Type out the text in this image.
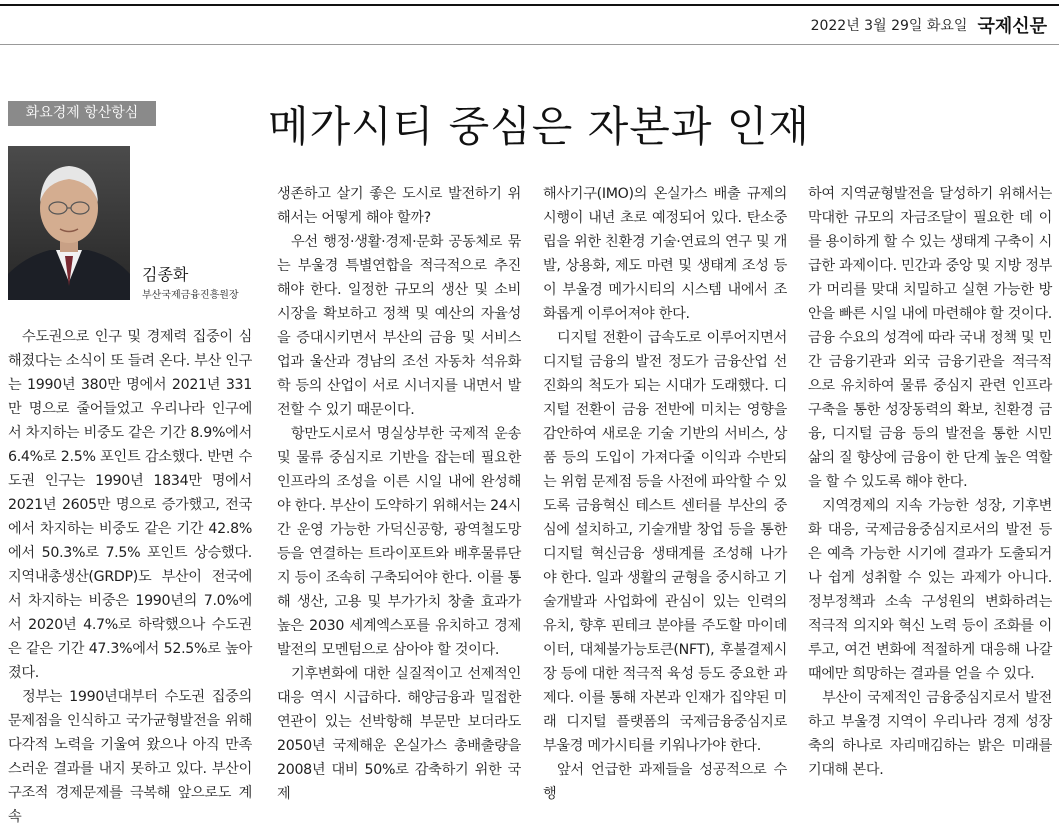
2022년 3월 29일 화요일 국제신문
화요경제 항산항심	메가시티 중심은 자본과 인재
김종화
부산국제금융진흥원장

수도권으로 인구 및 경제력 집중이 심해졌다는 소식이 또 들려 온다. 부산 인구는 1990년 380만 명에서 2021년 331만 명으로 줄어들었고 우리나라 인구에서 차지하는 비중도 같은 기간 8.9%에서 6.4%로 2.5% 포인트 감소했다. 반면 수도권 인구는 1990년 1834만 명에서 2021년 2605만 명으로 증가했고, 전국에서 차지하는 비중도 같은 기간 42.8%에서 50.3%로 7.5% 포인트 상승했다. 지역내총생산(GRDP)도 부산이 전국에서 차지하는 비중은 1990년의 7.0%에서 2020년 4.7%로 하락했으나 수도권은 같은 기간 47.3%에서 52.5%로 높아졌다.

정부는 1990년대부터 수도권 집중의 문제점을 인식하고 국가균형발전을 위해 다각적 노력을 기울여 왔으나 아직 만족스러운 결과를 내지 못하고 있다. 부산이 구조적 경제문제를 극복해 앞으로도 계속

생존하고 살기 좋은 도시로 발전하기 위해서는 어떻게 해야 할까?

우선 행정·생활·경제·문화 공동체로 묶는 부울경 특별연합을 적극적으로 추진해야 한다. 일정한 규모의 생산 및 소비 시장을 확보하고 정책 및 예산의 자율성을 증대시키면서 부산의 금융 및 서비스업과 울산과 경남의 조선 자동차 석유화학 등의 산업이 서로 시너지를 내면서 발전할 수 있기 때문이다.

항만도시로서 명실상부한 국제적 운송 및 물류 중심지로 기반을 잡는데 필요한 인프라의 조성을 이른 시일 내에 완성해야 한다. 부산이 도약하기 위해서는 24시간 운영 가능한 가덕신공항, 광역철도망 등을 연결하는 트라이포트와 배후물류단지 등이 조속히 구축되어야 한다. 이를 통해 생산, 고용 및 부가가치 창출 효과가 높은 2030 세계엑스포를 유치하고 경제발전의 모멘텀으로 삼아야 할 것이다.

기후변화에 대한 실질적이고 선제적인 대응 역시 시급하다. 해양금융과 밀접한 연관이 있는 선박항해 부문만 보더라도 2050년 국제해운 온실가스 총배출량을 2008년 대비 50%로 감축하기 위한 국제

해사기구(IMO)의 온실가스 배출 규제의 시행이 내년 초로 예정되어 있다. 탄소중립을 위한 친환경 기술·연료의 연구 및 개발, 상용화, 제도 마련 및 생태계 조성 등이 부울경 메가시티의 시스템 내에서 조화롭게 이루어져야 한다.

디지털 전환이 급속도로 이루어지면서 디지털 금융의 발전 정도가 금융산업 선진화의 척도가 되는 시대가 도래했다. 디지털 전환이 금융 전반에 미치는 영향을 감안하여 새로운 기술 기반의 서비스, 상품 등의 도입이 가져다줄 이익과 수반되는 위험 문제점 등을 사전에 파악할 수 있도록 금융혁신 테스트 센터를 부산의 중심에 설치하고, 기술개발 창업 등을 통한 디지털 혁신금융 생태계를 조성해 나가야 한다. 일과 생활의 균형을 중시하고 기술개발과 사업화에 관심이 있는 인력의 유치, 향후 핀테크 분야를 주도할 마이데이터, 대체불가능토큰(NFT), 후불결제시장 등에 대한 적극적 육성 등도 중요한 과제다. 이를 통해 자본과 인재가 집약된 미래 디지털 플랫폼의 국제금융중심지로 부울경 메가시티를 키워나가야 한다.

앞서 언급한 과제들을 성공적으로 수행

하여 지역균형발전을 달성하기 위해서는 막대한 규모의 자금조달이 필요한 데 이를 용이하게 할 수 있는 생태계 구축이 시급한 과제이다. 민간과 중앙 및 지방 정부가 머리를 맞대 치밀하고 실현 가능한 방안을 빠른 시일 내에 마련해야 할 것이다. 금융 수요의 성격에 따라 국내 정책 및 민간 금융기관과 외국 금융기관을 적극적으로 유치하여 물류 중심지 관련 인프라 구축을 통한 성장동력의 확보, 친환경 금융, 디지털 금융 등의 발전을 통한 시민 삶의 질 향상에 금융이 한 단계 높은 역할을 할 수 있도록 해야 한다.

지역경제의 지속 가능한 성장, 기후변화 대응, 국제금융중심지로서의 발전 등은 예측 가능한 시기에 결과가 도출되거나 쉽게 성취할 수 있는 과제가 아니다. 정부정책과 소속 구성원의 변화하려는 적극적 의지와 혁신 노력 등이 조화를 이루고, 여건 변화에 적절하게 대응해 나갈 때에만 희망하는 결과를 얻을 수 있다.

부산이 국제적인 금융중심지로서 발전하고 부울경 지역이 우리나라 경제 성장축의 하나로 자리매김하는 밝은 미래를 기대해 본다.
